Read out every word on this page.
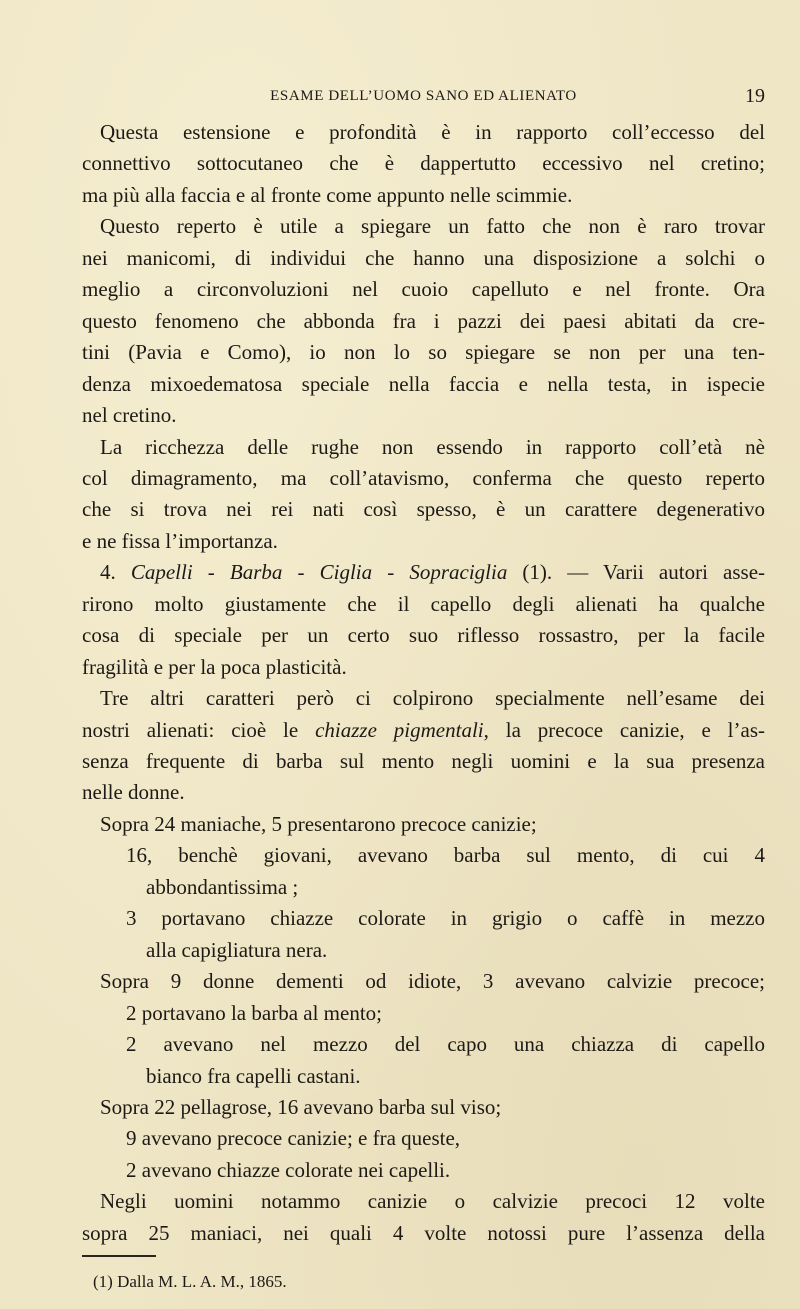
ESAME DELL’UOMO SANO ED ALIENATO	19
Questa estensione e profondità è in rapporto coll’eccesso del
connettivo sottocutaneo che è dappertutto eccessivo nel cretino;
ma più alla faccia e al fronte come appunto nelle scimmie.
Questo reperto è utile a spiegare un fatto che non è raro trovar
nei manicomi, di individui che hanno una disposizione a solchi o
meglio a circonvoluzioni nel cuoio capelluto e nel fronte. Ora
questo fenomeno che abbonda fra i pazzi dei paesi abitati da cre-
tini (Pavia e Como), io non lo so spiegare se non per una ten-
denza mixoedematosa speciale nella faccia e nella testa, in ispecie
nel cretino.
La ricchezza delle rughe non essendo in rapporto coll’età nè
col dimagramento, ma coll’atavismo, conferma che questo reperto
che si trova nei rei nati così spesso, è un carattere degenerativo
e ne fissa l’importanza.
4. Capelli - Barba - Ciglia - Sopraciglia (1). — Varii autori asse-
rirono molto giustamente che il capello degli alienati ha qualche
cosa di speciale per un certo suo riflesso rossastro, per la facile
fragilità e per la poca plasticità.
Tre altri caratteri però ci colpirono specialmente nell’esame dei
nostri alienati: cioè le chiazze pigmentali, la precoce canizie, e l’as-
senza frequente di barba sul mento negli uomini e la sua presenza
nelle donne.
Sopra 24 maniache, 5 presentarono precoce canizie;
16, benchè giovani, avevano barba sul mento, di cui 4
abbondantissima ;
3 portavano chiazze colorate in grigio o caffè in mezzo
alla capigliatura nera.
Sopra 9 donne dementi od idiote, 3 avevano calvizie precoce;
2 portavano la barba al mento;
2 avevano nel mezzo del capo una chiazza di capello
bianco fra capelli castani.
Sopra 22 pellagrose, 16 avevano barba sul viso;
9 avevano precoce canizie; e fra queste,
2 avevano chiazze colorate nei capelli.
Negli uomini notammo canizie o calvizie precoci 12 volte
sopra 25 maniaci, nei quali 4 volte notossi pure l’assenza della
(1) Dalla M. L. A. M., 1865.
